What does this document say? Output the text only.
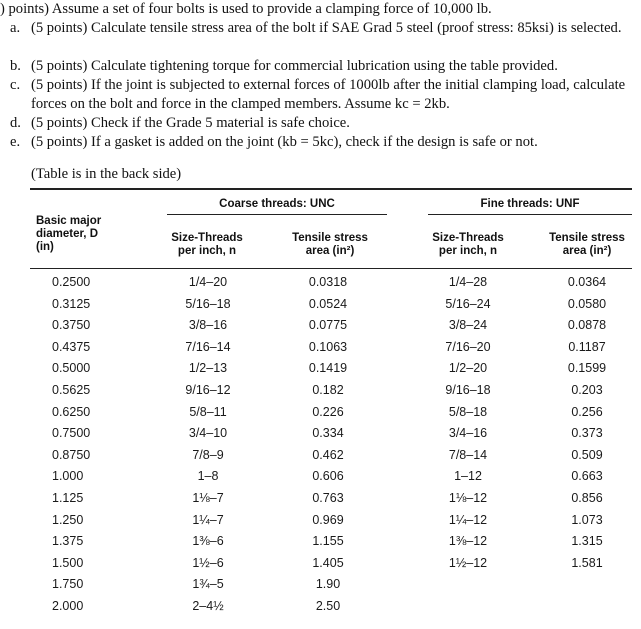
) points) Assume a set of four bolts is used to provide a clamping force of 10,000 lb.
a. (5 points) Calculate tensile stress area of the bolt if SAE Grad 5 steel (proof stress: 85ksi) is selected.
b. (5 points) Calculate tightening torque for commercial lubrication using the table provided.
c. (5 points) If the joint is subjected to external forces of 1000lb after the initial clamping load, calculate forces on the bolt and force in the clamped members. Assume kc = 2kb.
d. (5 points) Check if the Grade 5 material is safe choice.
e. (5 points) If a gasket is added on the joint (kb = 5kc), check if the design is safe or not.
(Table is in the back side)
Coarse threads: UNC	Fine threads: UNF
Basic major diameter, D (in)
Size-Threads per inch, n
Tensile stress area (in²)
Size-Threads per inch, n
Tensile stress area (in²)
0.2500	1/4–20	0.0318	1/4–28	0.0364
0.3125	5/16–18	0.0524	5/16–24	0.0580
0.3750	3/8–16	0.0775	3/8–24	0.0878
0.4375	7/16–14	0.1063	7/16–20	0.1187
0.5000	1/2–13	0.1419	1/2–20	0.1599
0.5625	9/16–12	0.182	9/16–18	0.203
0.6250	5/8–11	0.226	5/8–18	0.256
0.7500	3/4–10	0.334	3/4–16	0.373
0.8750	7/8–9	0.462	7/8–14	0.509
1.000	1–8	0.606	1–12	0.663
1.125	1⅛–7	0.763	1⅛–12	0.856
1.250	1¼–7	0.969	1¼–12	1.073
1.375	1⅜–6	1.155	1⅜–12	1.315
1.500	1½–6	1.405	1½–12	1.581
1.750	1¾–5	1.90
2.000	2–4½	2.50
